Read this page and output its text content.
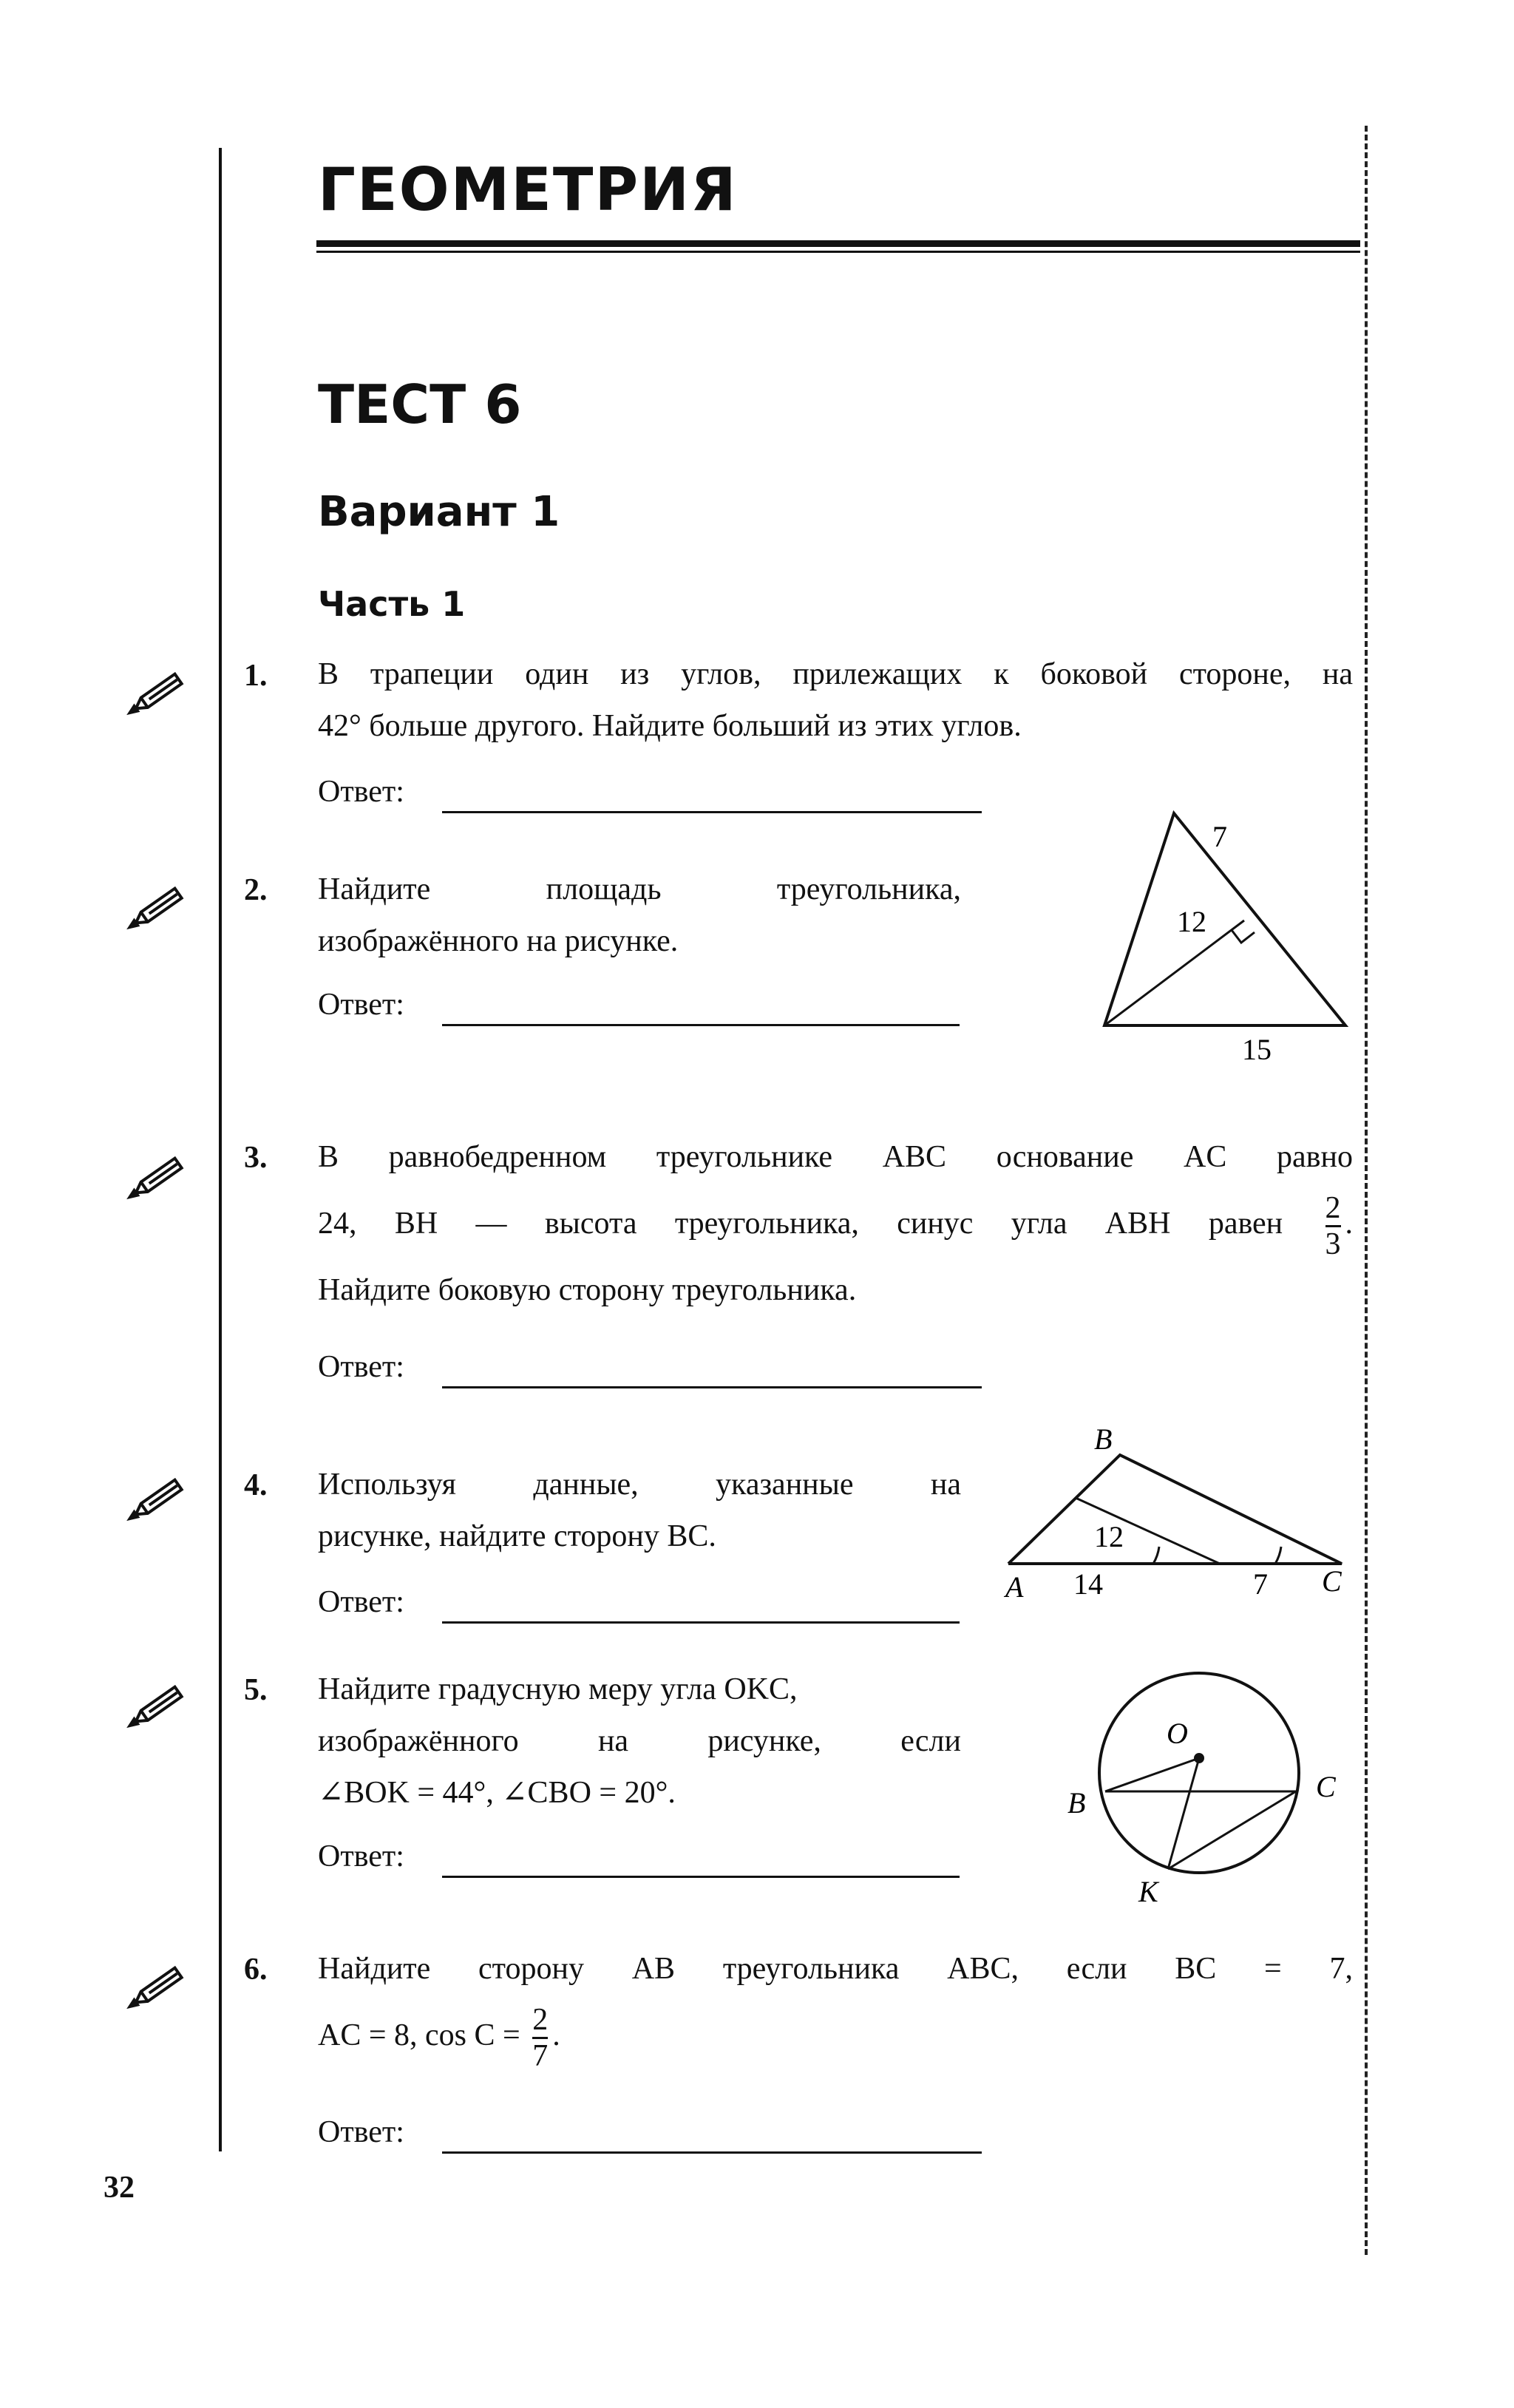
ГЕОМЕТРИЯ
ТЕСТ 6
Вариант 1
Часть 1
1. В трапеции один из углов, прилежащих к боковой стороне, на
42° больше другого. Найдите больший из этих углов.
Ответ:
2. Найдите площадь треугольника,
изображённого на рисунке.
Ответ:
7
12
15
3. В равнобедренном треугольнике ABC основание AC равно
24, BH — высота треугольника, синус угла ABH равен $\frac{2}{3}$ .
Найдите боковую сторону треугольника.
Ответ:
4. Используя данные, указанные на
рисунке, найдите сторону BC.
Ответ:
B
A	C
12
14	7
5. Найдите градусную меру угла OKC,
изображённого на рисунке, если
∠BOK = 44°, ∠CBO = 20°.
Ответ:
O
B	C
K
6. Найдите сторону AB треугольника ABC, если BC = 7,
AC = 8, $\cos C = \frac{2}{7}$ .
Ответ:
32
